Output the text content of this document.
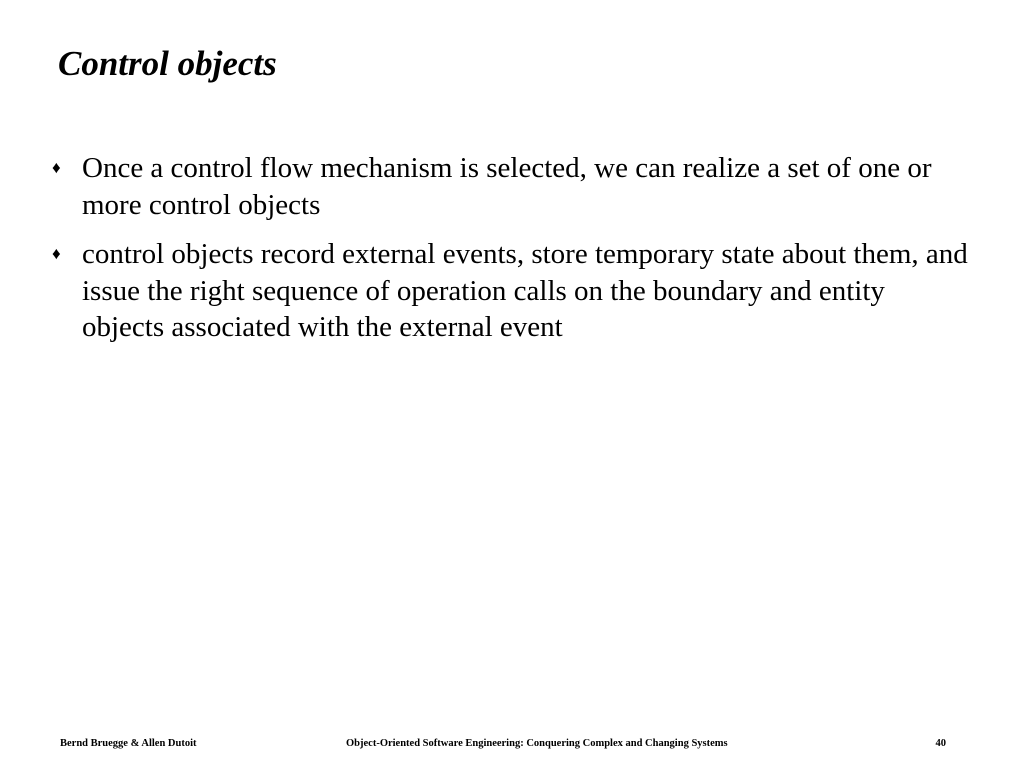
Control objects
♦ Once a control flow mechanism is selected, we can realize a set of one or more control objects
♦ control objects record external events, store temporary state about them, and issue the right sequence of operation calls on the boundary and entity objects associated with the external event
Bernd Bruegge & Allen Dutoit	Object-Oriented Software Engineering: Conquering Complex and Changing Systems	40
